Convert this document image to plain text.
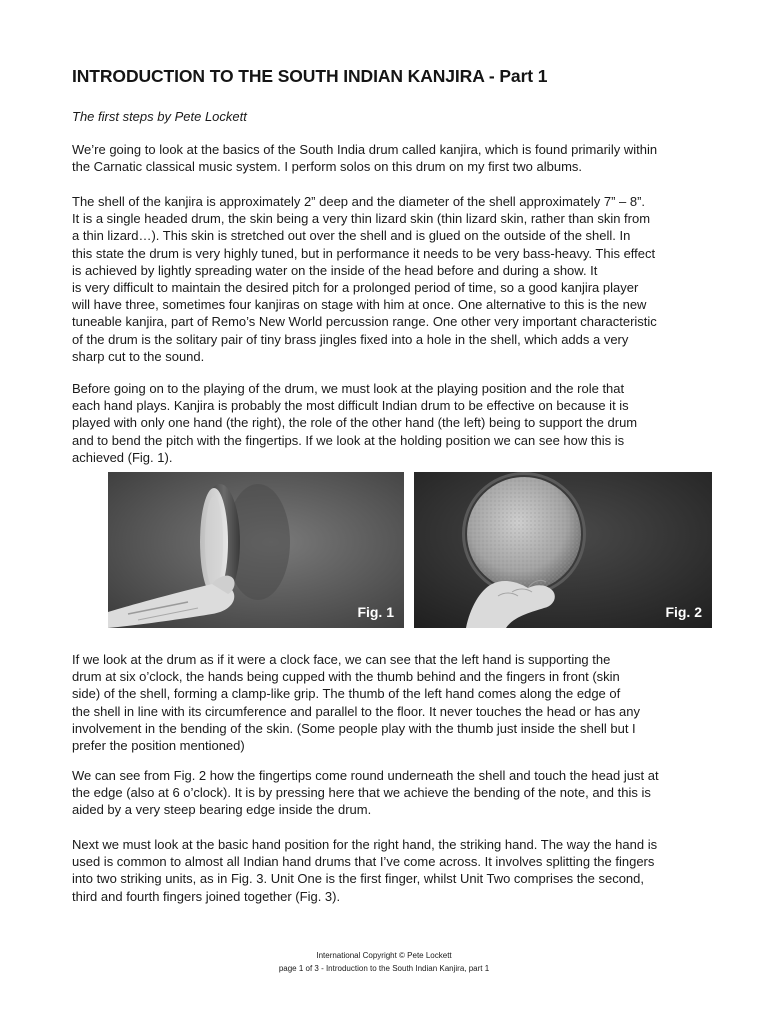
INTRODUCTION TO THE SOUTH INDIAN KANJIRA - Part 1

The first steps by Pete Lockett

We’re going to look at the basics of the South India drum called kanjira, which is found primarily within
the Carnatic classical music system. I perform solos on this drum on my first two albums.

The shell of the kanjira is approximately 2” deep and the diameter of the shell approximately 7” – 8”.
It is a single headed drum, the skin being a very thin lizard skin (thin lizard skin, rather than skin from
a thin lizard…). This skin is stretched out over the shell and is glued on the outside of the shell. In
this state the drum is very highly tuned, but in performance it needs to be very bass-heavy. This effect
is achieved by lightly spreading water on the inside of the head before and during a show. It
is very difficult to maintain the desired pitch for a prolonged period of time, so a good kanjira player
will have three, sometimes four kanjiras on stage with him at once. One alternative to this is the new
tuneable kanjira, part of Remo’s New World percussion range. One other very important characteristic
of the drum is the solitary pair of tiny brass jingles fixed into a hole in the shell, which adds a very
sharp cut to the sound.

Before going on to the playing of the drum, we must look at the playing position and the role that
each hand plays. Kanjira is probably the most difficult Indian drum to be effective on because it is
played with only one hand (the right), the role of the other hand (the left) being to support the drum
and to bend the pitch with the fingertips. If we look at the holding position we can see how this is
achieved (Fig. 1).

Fig. 1	Fig. 2

If we look at the drum as if it were a clock face, we can see that the left hand is supporting the
drum at six o’clock, the hands being cupped with the thumb behind and the fingers in front (skin
side) of the shell, forming a clamp-like grip. The thumb of the left hand comes along the edge of
the shell in line with its circumference and parallel to the floor. It never touches the head or has any
involvement in the bending of the skin. (Some people play with the thumb just inside the shell but I
prefer the position mentioned)

We can see from Fig. 2 how the fingertips come round underneath the shell and touch the head just at
the edge (also at 6 o’clock). It is by pressing here that we achieve the bending of the note, and this is
aided by a very steep bearing edge inside the drum.

Next we must look at the basic hand position for the right hand, the striking hand. The way the hand is
used is common to almost all Indian hand drums that I’ve come across. It involves splitting the fingers
into two striking units, as in Fig. 3. Unit One is the first finger, whilst Unit Two comprises the second,
third and fourth fingers joined together (Fig. 3).

International Copyright © Pete Lockett
page 1 of 3 - Introduction to the South Indian Kanjira, part 1
